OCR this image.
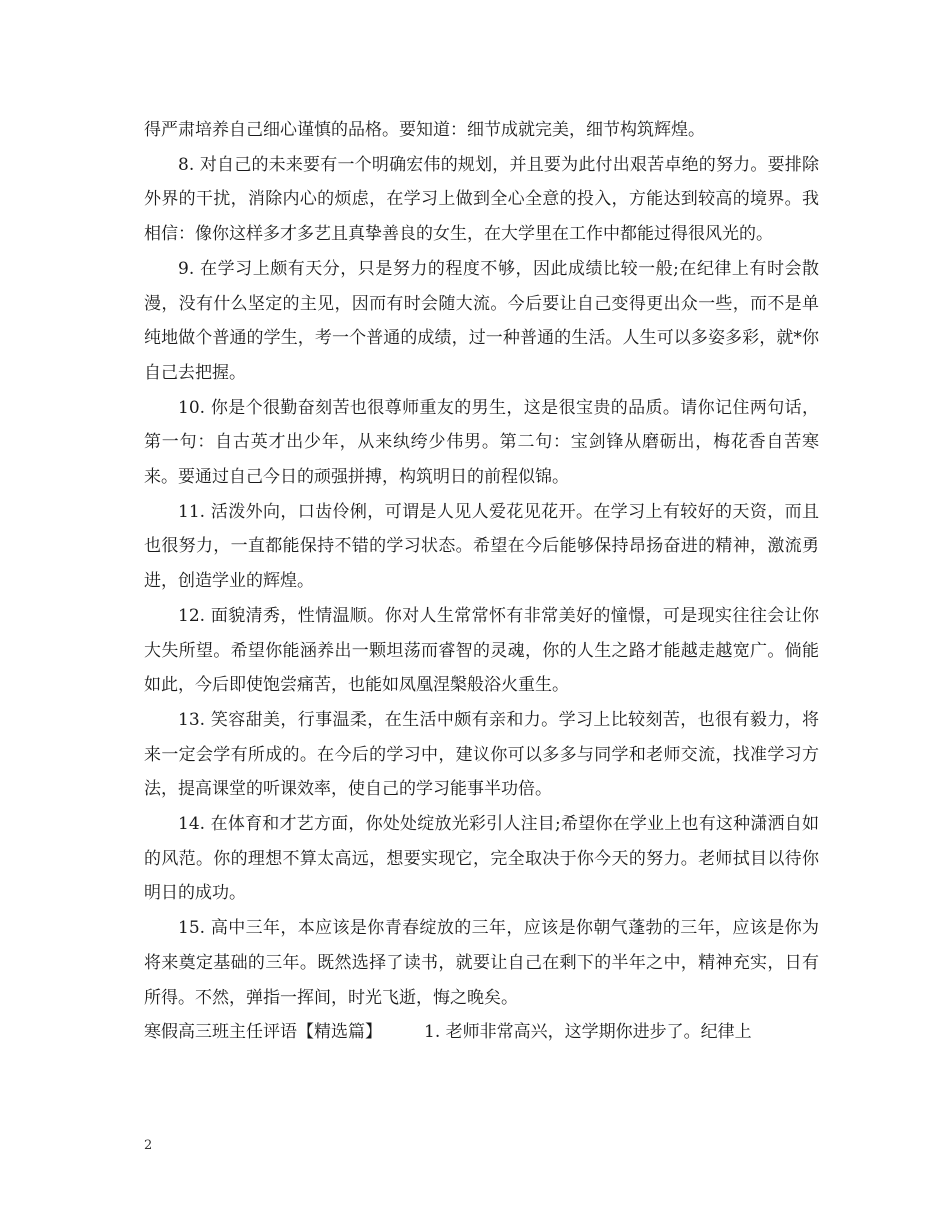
得严肃培养自己细心谨慎的品格。要知道：细节成就完美，细节构筑辉煌。

8. 对自己的未来要有一个明确宏伟的规划，并且要为此付出艰苦卓绝的努力。要排除外界的干扰，消除内心的烦虑，在学习上做到全心全意的投入，方能达到较高的境界。我相信：像你这样多才多艺且真挚善良的女生，在大学里在工作中都能过得很风光的。

9. 在学习上颇有天分，只是努力的程度不够，因此成绩比较一般;在纪律上有时会散漫，没有什么坚定的主见，因而有时会随大流。今后要让自己变得更出众一些，而不是单纯地做个普通的学生，考一个普通的成绩，过一种普通的生活。人生可以多姿多彩，就*你自己去把握。

10. 你是个很勤奋刻苦也很尊师重友的男生，这是很宝贵的品质。请你记住两句话，第一句：自古英才出少年，从来纨绔少伟男。第二句：宝剑锋从磨砺出，梅花香自苦寒来。要通过自己今日的顽强拼搏，构筑明日的前程似锦。

11. 活泼外向，口齿伶俐，可谓是人见人爱花见花开。在学习上有较好的天资，而且也很努力，一直都能保持不错的学习状态。希望在今后能够保持昂扬奋进的精神，激流勇进，创造学业的辉煌。

12. 面貌清秀，性情温顺。你对人生常常怀有非常美好的憧憬，可是现实往往会让你大失所望。希望你能涵养出一颗坦荡而睿智的灵魂，你的人生之路才能越走越宽广。倘能如此，今后即使饱尝痛苦，也能如凤凰涅槃般浴火重生。

13. 笑容甜美，行事温柔，在生活中颇有亲和力。学习上比较刻苦，也很有毅力，将来一定会学有所成的。在今后的学习中，建议你可以多多与同学和老师交流，找准学习方法，提高课堂的听课效率，使自己的学习能事半功倍。

14. 在体育和才艺方面，你处处绽放光彩引人注目;希望你在学业上也有这种潇洒自如的风范。你的理想不算太高远，想要实现它，完全取决于你今天的努力。老师拭目以待你明日的成功。

15. 高中三年，本应该是你青春绽放的三年，应该是你朝气蓬勃的三年，应该是你为将来奠定基础的三年。既然选择了读书，就要让自己在剩下的半年之中，精神充实，日有所得。不然，弹指一挥间，时光飞逝，悔之晚矣。

寒假高三班主任评语【精选篇】 1. 老师非常高兴，这学期你进步了。纪律上

2
